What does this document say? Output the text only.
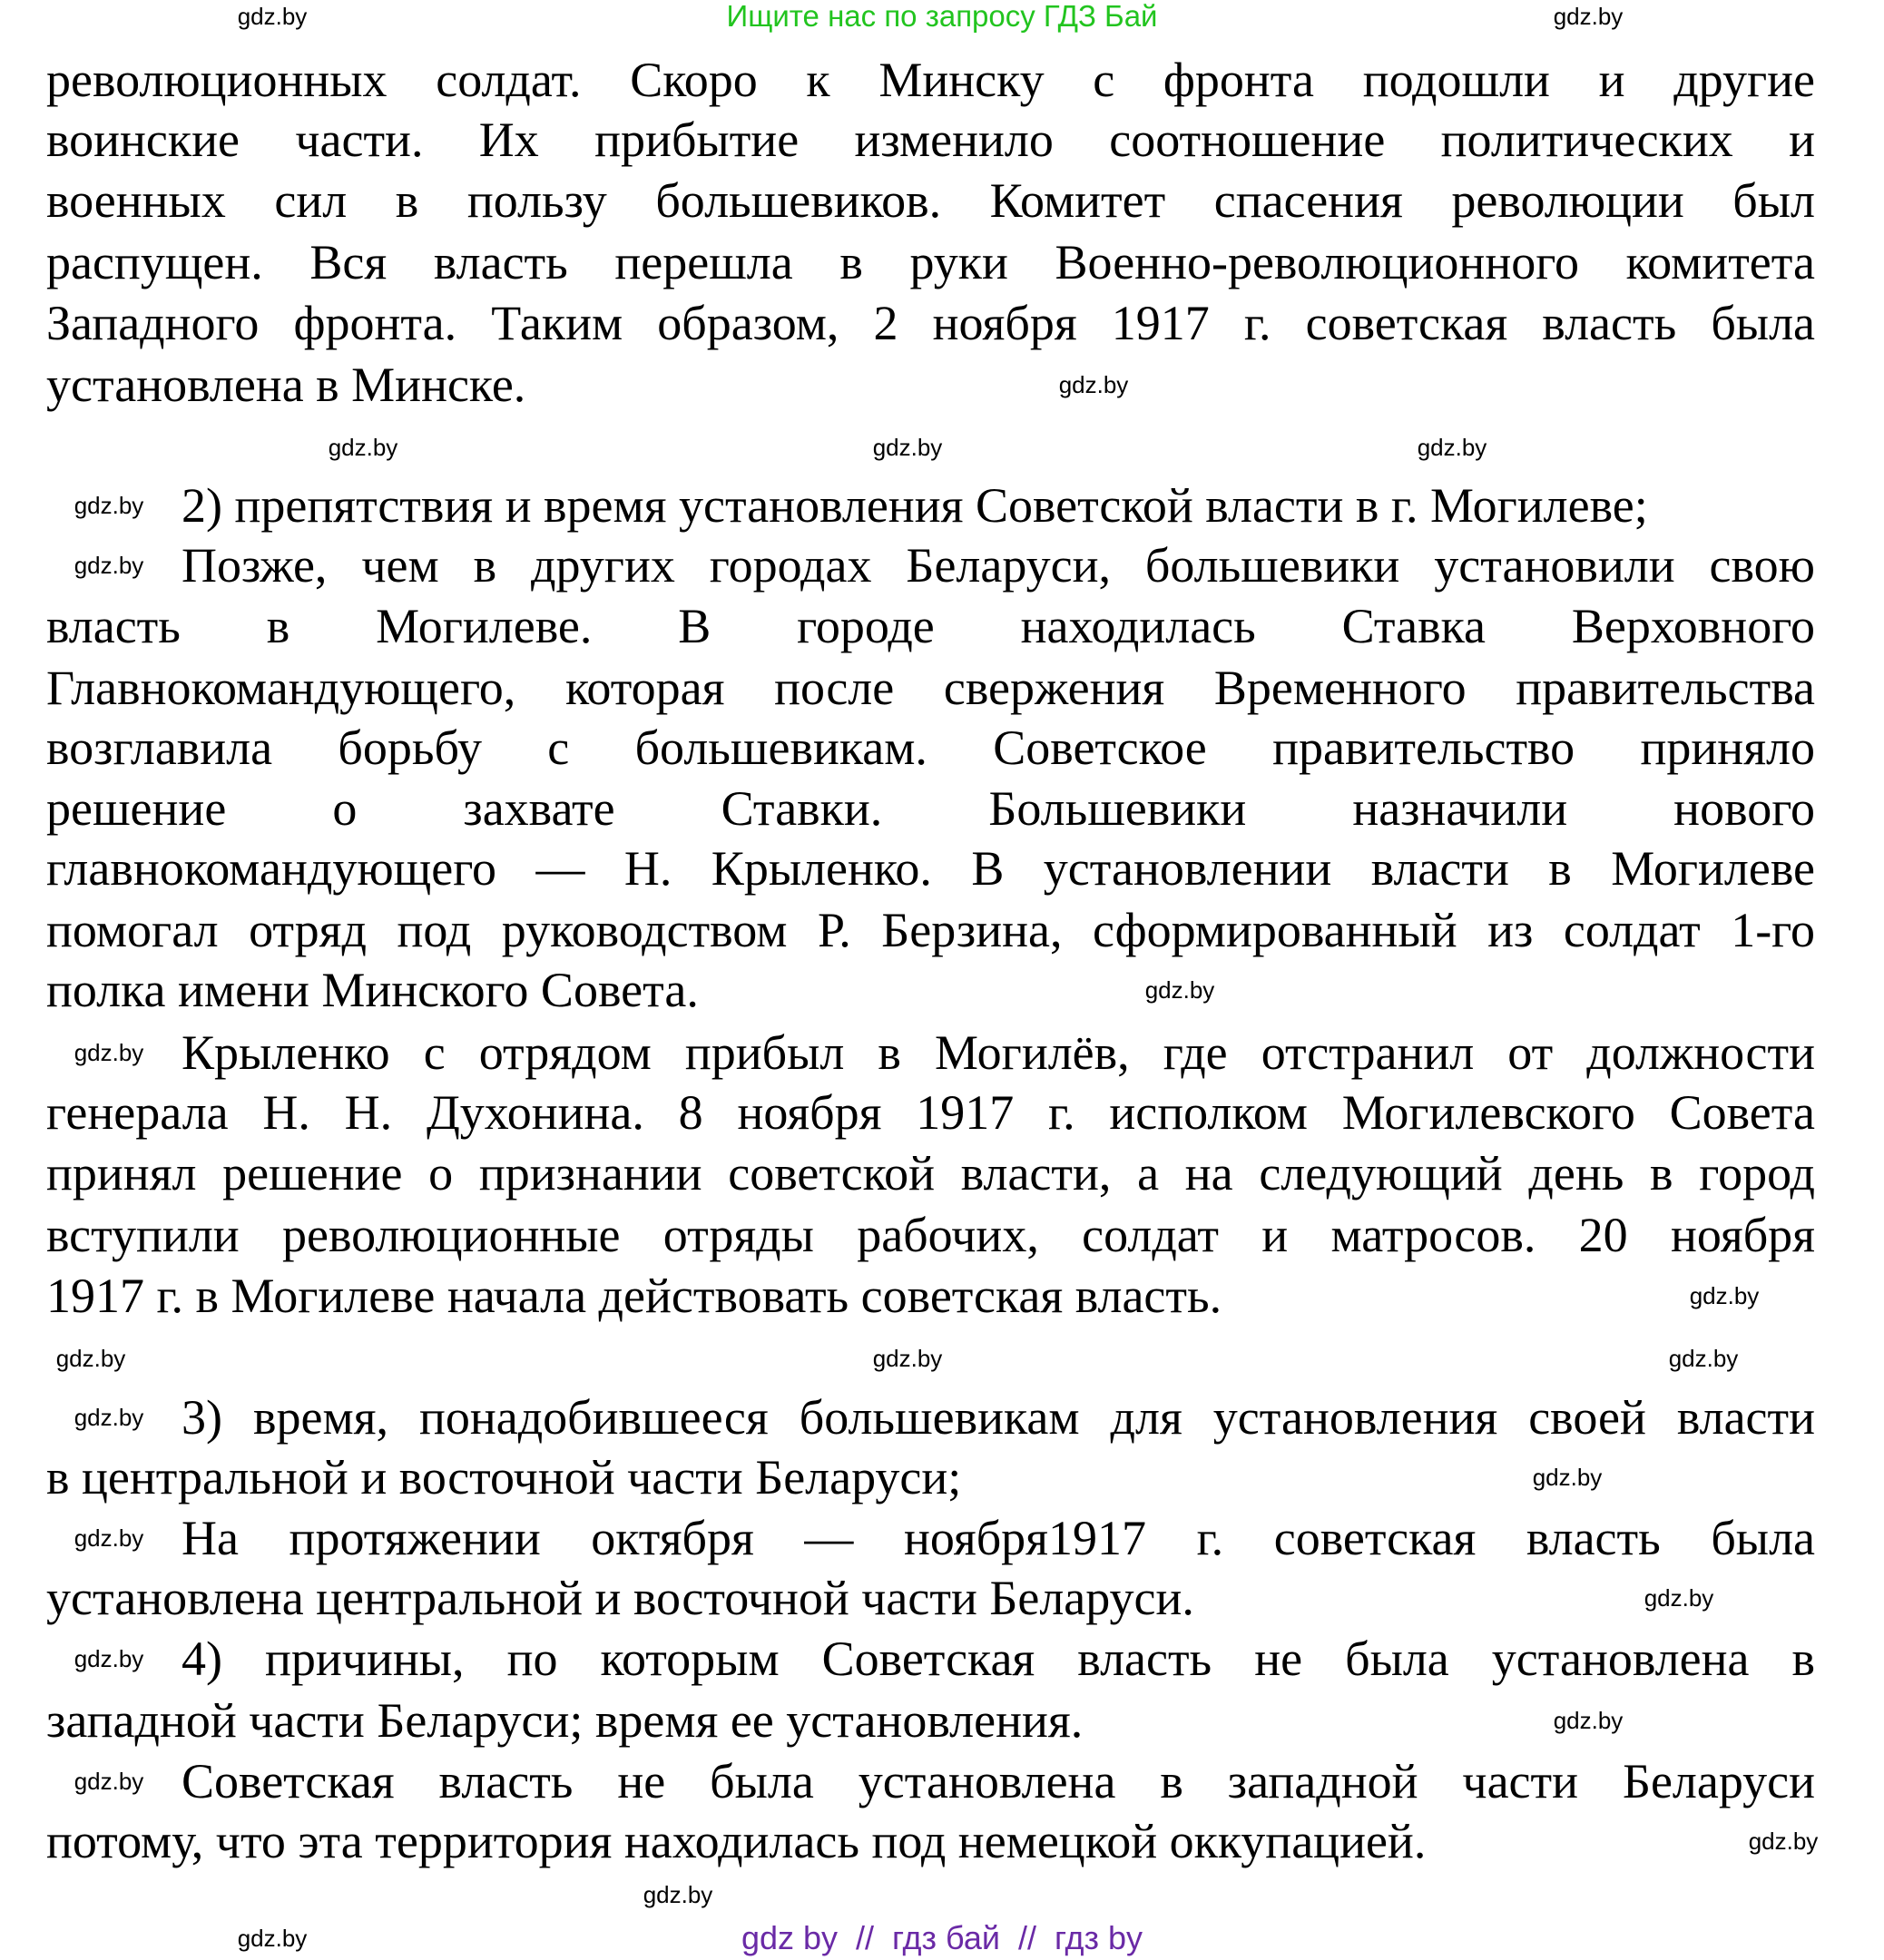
Ищите нас по запросу ГДЗ Бай
революционных солдат. Скоро к Минску с фронта подошли и другие
воинские части. Их прибытие изменило соотношение политических и
военных сил в пользу большевиков. Комитет спасения революции был
распущен. Вся власть перешла в руки Военно-революционного комитета
Западного фронта. Таким образом, 2 ноября 1917 г. советская власть была
установлена в Минске.
2) препятствия и время установления Советской власти в г. Могилеве;
Позже, чем в других городах Беларуси, большевики установили свою
власть в Могилеве. В городе находилась Ставка Верховного
Главнокомандующего, которая после свержения Временного правительства
возглавила борьбу с большевикам. Советское правительство приняло
решение о захвате Ставки. Большевики назначили нового
главнокомандующего — Н. Крыленко. В установлении власти в Могилеве
помогал отряд под руководством Р. Берзина, сформированный из солдат 1-го
полка имени Минского Совета.
Крыленко с отрядом прибыл в Могилёв, где отстранил от должности
генерала Н. Н. Духонина. 8 ноября 1917 г. исполком Могилевского Совета
принял решение о признании советской власти, а на следующий день в город
вступили революционные отряды рабочих, солдат и матросов. 20 ноября
1917 г. в Могилеве начала действовать советская власть.
3) время, понадобившееся большевикам для установления своей власти
в центральной и восточной части Беларуси;
На протяжении октября — ноября1917 г. советская власть была
установлена центральной и восточной части Беларуси.
4) причины, по которым Советская власть не была установлена в
западной части Беларуси; время ее установления.
Советская власть не была установлена в западной части Беларуси
потому, что эта территория находилась под немецкой оккупацией.
gdz.by	gdz.by
gdz.by
gdz.by	gdz.by	gdz.by
gdz.by
gdz.by
gdz.by
gdz.by
gdz.by
gdz.by	gdz.by	gdz.by
gdz.by
gdz.by
gdz.by
gdz.by
gdz.by
gdz.by
gdz.by
gdz.by
gdz.by
gdz.by	gdz by  //  гдз бай  //  гдз by
